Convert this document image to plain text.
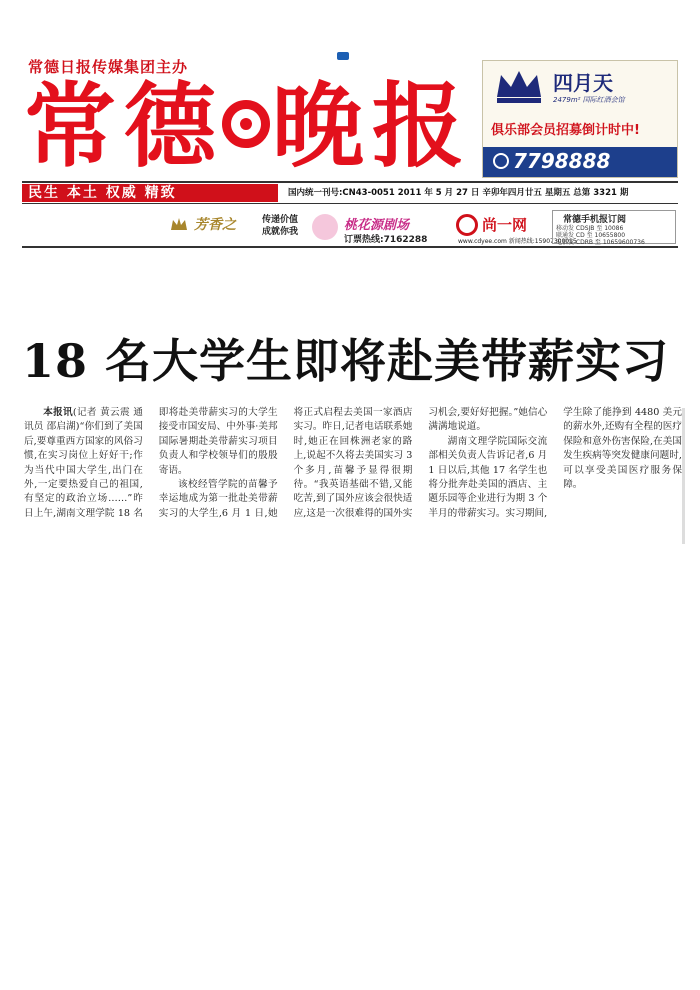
常德日报传媒集团主办
常 德 晚 报	四月天
2479m² 国际红酒会馆
俱乐部会员招募倒计时中!
7798888
民生 本土 权威 精致	国内统一刊号:CN43-0051 2011 年 5 月 27 日 辛卯年四月廿五 星期五 总第 3321 期
芳香之	传递价值
成就你我	桃花源剧场
订票热线:7162288
尚一网
www.cdyee.com 新闻热线:15907300015
常德手机报订阅
移动发 CDSJB 至 10086
联通发 CD 至 10655800
电信发 CDRB 至 10659600736
18 名大学生即将赴美带薪实习

本报讯(记者 黄云震 通讯员 邵启湖)“你们到了美国后,要尊重西方国家的风俗习惯,在实习岗位上好好干;作为当代中国大学生,出门在外,一定要热爱自己的祖国,有坚定的政治立场……”昨日上午,湖南文理学院 18 名即将赴美带薪实习的大学生接受市国安局、中外事·美邦国际暑期赴美带薪实习项目负责人和学校领导们的殷殷寄语。

该校经管学院的苗馨予幸运地成为第一批赴美带薪实习的大学生,6 月 1 日,她将正式启程去美国一家酒店实习。昨日,记者电话联系她时,她正在回株洲老家的路上,说起不久将去美国实习 3 个多月,苗馨予显得很期待。“我英语基础不错,又能吃苦,到了国外应该会很快适应,这是一次很难得的国外实习机会,要好好把握。”她信心满满地说道。

湖南文理学院国际交流部相关负责人告诉记者,6 月 1 日以后,其他 17 名学生也将分批奔赴美国的酒店、主题乐园等企业进行为期 3 个半月的带薪实习。实习期间,学生除了能挣到 4480 美元的薪水外,还购有全程的医疗保险和意外伤害保险,在美国发生疾病等突发健康问题时,可以享受美国医疗服务保障。
